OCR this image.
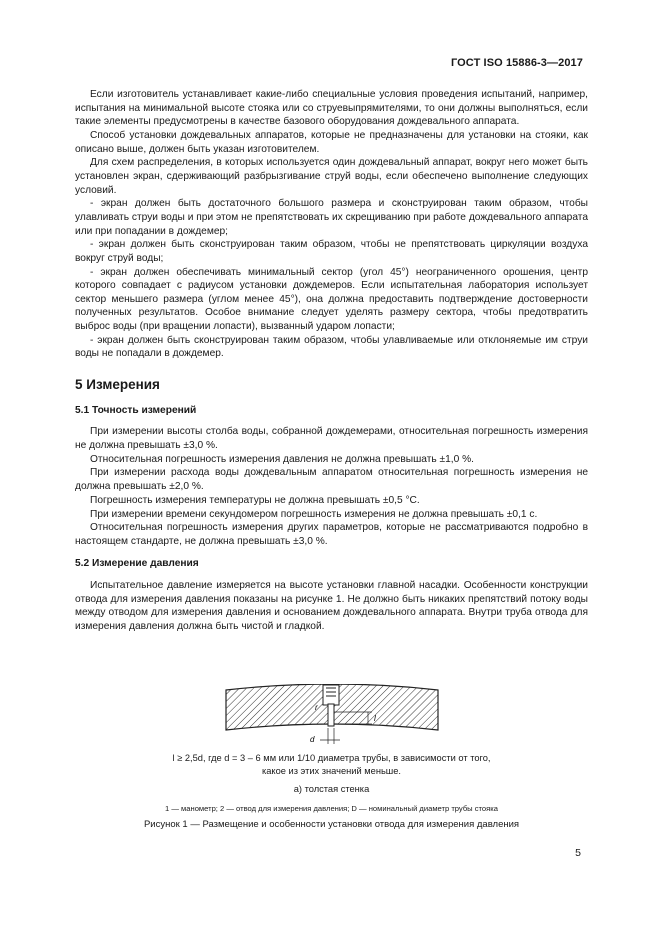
ГОСТ ISO 15886-3—2017

Если изготовитель устанавливает какие-либо специальные условия проведения испытаний, например, испытания на минимальной высоте стояка или со струевыпрямителями, то они должны выполняться, если такие элементы предусмотрены в качестве базового оборудования дождевального аппарата.

Способ установки дождевальных аппаратов, которые не предназначены для установки на стояки, как описано выше, должен быть указан изготовителем.

Для схем распределения, в которых используется один дождевальный аппарат, вокруг него может быть установлен экран, сдерживающий разбрызгивание струй воды, если обеспечено выполнение следующих условий.

- экран должен быть достаточного большого размера и сконструирован таким образом, чтобы улавливать струи воды и при этом не препятствовать их скрещиванию при работе дождевального аппарата или при попадании в дождемер;

- экран должен быть сконструирован таким образом, чтобы не препятствовать циркуляции воздуха вокруг струй воды;

- экран должен обеспечивать минимальный сектор (угол 45°) неограниченного орошения, центр которого совпадает с радиусом установки дождемеров. Если испытательная лаборатория использует сектор меньшего размера (углом менее 45°), она должна предоставить подтверждение достоверности полученных результатов. Особое внимание следует уделять размеру сектора, чтобы предотвратить выброс воды (при вращении лопасти), вызванный ударом лопасти;

- экран должен быть сконструирован таким образом, чтобы улавливаемые или отклоняемые им струи воды не попадали в дождемер.

5 Измерения
5.1 Точность измерений

При измерении высоты столба воды, собранной дождемерами, относительная погрешность измерения не должна превышать ±3,0 %.

Относительная погрешность измерения давления не должна превышать ±1,0 %.

При измерении расхода воды дождевальным аппаратом относительная погрешность измерения не должна превышать ±2,0 %.

Погрешность измерения температуры не должна превышать ±0,5 °С.

При измерении времени секундомером погрешность измерения не должна превышать ±0,1 с.

Относительная погрешность измерения других параметров, которые не рассматриваются подробно в настоящем стандарте, не должна превышать ±3,0 %.

5.2 Измерение давления

Испытательное давление измеряется на высоте установки главной насадки. Особенности конструкции отвода для измерения давления показаны на рисунке 1. Не должно быть никаких препятствий потоку воды между отводом для измерения давления и основанием дождевального аппарата. Внутри труба отвода для измерения давления должна быть чистой и гладкой.

r
l
d
l ≥ 2,5d, где d = 3 – 6 мм или 1/10 диаметра трубы, в зависимости от того,
какое из этих значений меньше.
а) толстая стенка
1 — манометр; 2 — отвод для измерения давления; D — номинальный диаметр трубы стояка
Рисунок 1 — Размещение и особенности установки отвода для измерения давления
5
